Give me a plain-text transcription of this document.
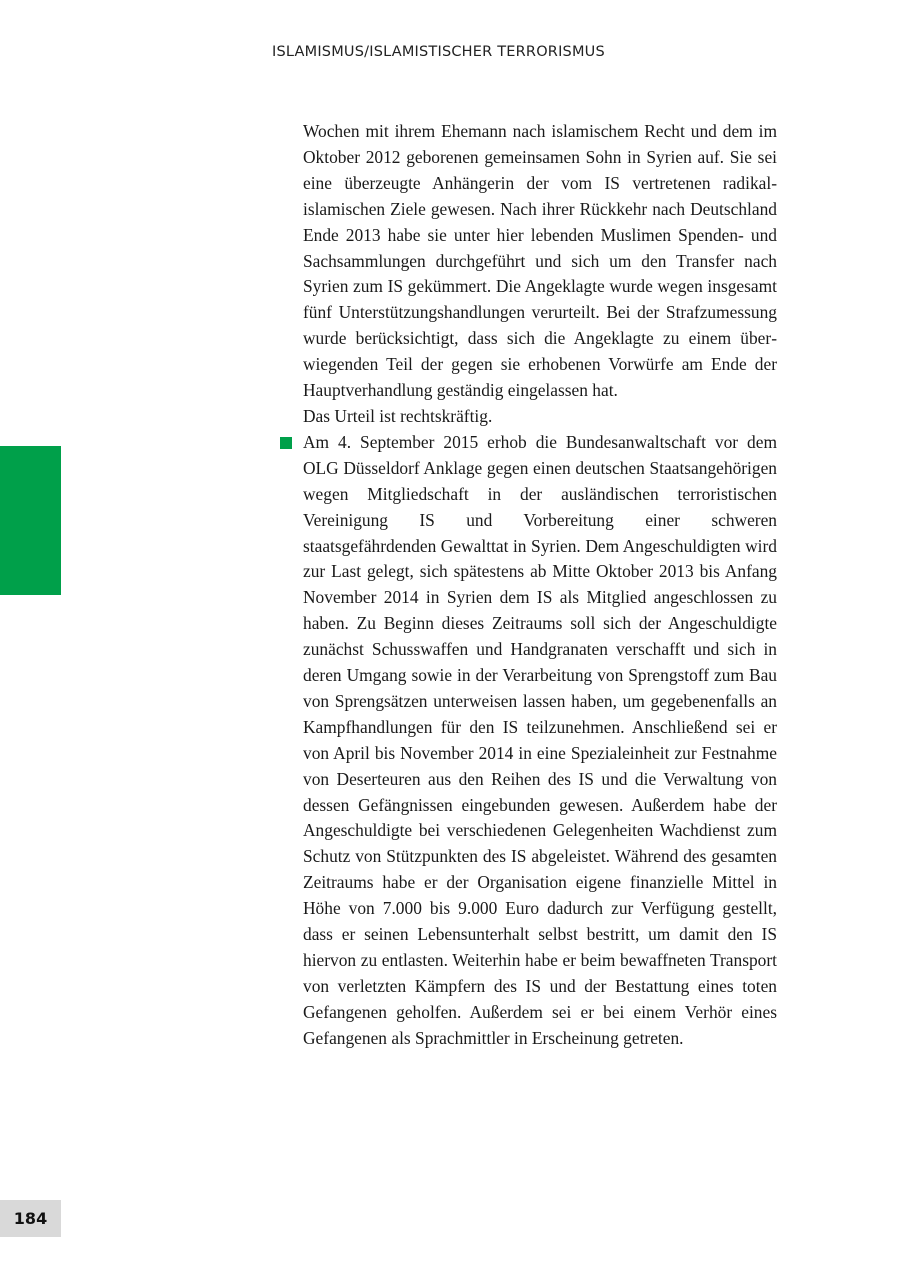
ISLAMISMUS/ISLAMISTISCHER TERRORISMUS

Wochen mit ihrem Ehemann nach islamischem Recht und dem im Oktober 2012 geborenen gemeinsamen Sohn in Syrien auf. Sie sei eine überzeugte Anhängerin der vom IS vertretenen radikal-islamischen Ziele gewesen. Nach ihrer Rückkehr nach Deutschland Ende 2013 habe sie unter hier lebenden Muslimen Spenden- und Sachsammlungen durchgeführt und sich um den Transfer nach Syrien zum IS gekümmert. Die Angeklagte wurde wegen insgesamt fünf Unterstützungshandlungen verurteilt. Bei der Strafzumessung wurde berücksichtigt, dass sich die Angeklagte zu einem überwiegenden Teil der gegen sie erhobenen Vorwürfe am Ende der Hauptverhandlung geständig eingelassen hat.

Das Urteil ist rechtskräftig.

Am 4. September 2015 erhob die Bundesanwaltschaft vor dem OLG Düsseldorf Anklage gegen einen deutschen Staatsangehörigen wegen Mitgliedschaft in der ausländischen terroristischen Vereinigung IS und Vorbereitung einer schweren staatsgefährdenden Gewalttat in Syrien. Dem Angeschuldigten wird zur Last gelegt, sich spätestens ab Mitte Oktober 2013 bis Anfang November 2014 in Syrien dem IS als Mitglied angeschlossen zu haben. Zu Beginn dieses Zeitraums soll sich der Angeschuldigte zunächst Schusswaffen und Handgranaten verschafft und sich in deren Umgang sowie in der Verarbeitung von Sprengstoff zum Bau von Sprengsätzen unterweisen lassen haben, um gegebenenfalls an Kampfhandlungen für den IS teilzunehmen. Anschließend sei er von April bis November 2014 in eine Spezialeinheit zur Festnahme von Deserteuren aus den Reihen des IS und die Verwaltung von dessen Gefängnissen eingebunden gewesen. Außerdem habe der Angeschuldigte bei verschiedenen Gelegenheiten Wachdienst zum Schutz von Stützpunkten des IS abgeleistet. Während des gesamten Zeitraums habe er der Organisation eigene finanzielle Mittel in Höhe von 7.000 bis 9.000 Euro dadurch zur Verfügung gestellt, dass er seinen Lebensunterhalt selbst bestritt, um damit den IS hiervon zu entlasten. Weiterhin habe er beim bewaffneten Transport von verletzten Kämpfern des IS und der Bestattung eines toten Gefangenen geholfen. Außerdem sei er bei einem Verhör eines Gefangenen als Sprachmittler in Erscheinung getreten.

184
